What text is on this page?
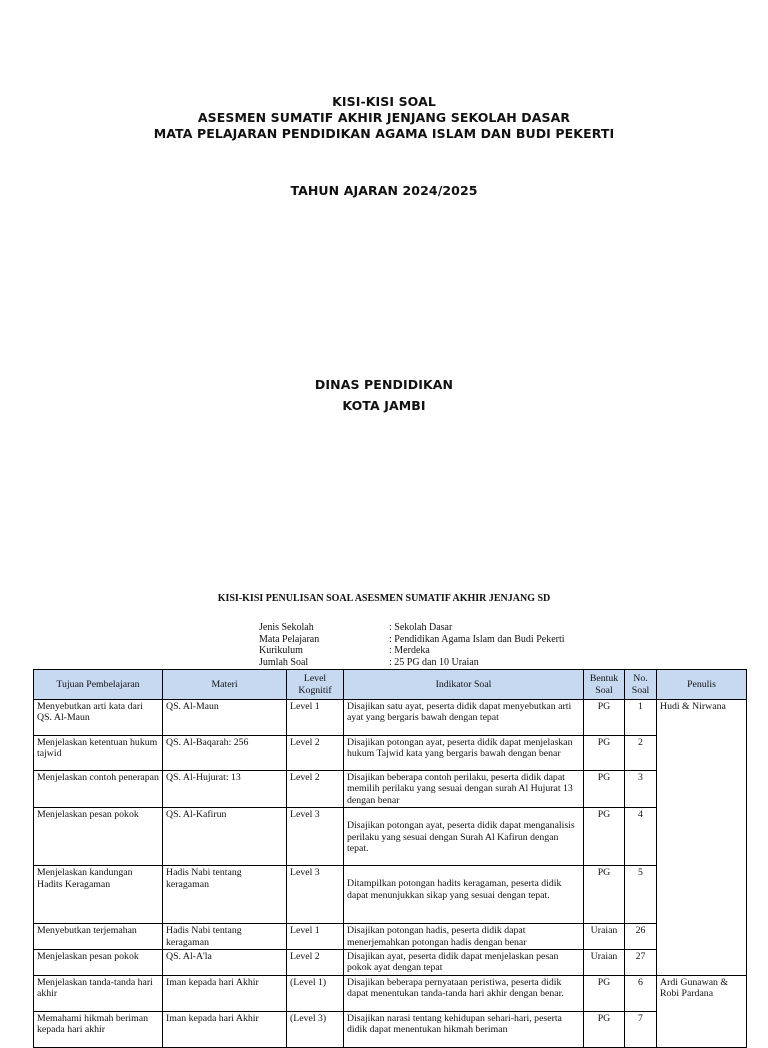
KISI-KISI SOAL
ASESMEN SUMATIF AKHIR JENJANG SEKOLAH DASAR
MATA PELAJARAN PENDIDIKAN AGAMA ISLAM DAN BUDI PEKERTI
TAHUN AJARAN 2024/2025
DINAS PENDIDIKAN
KOTA JAMBI
KISI-KISI PENULISAN SOAL ASESMEN SUMATIF AKHIR JENJANG SD
Jenis Sekolah	: Sekolah Dasar
Mata Pelajaran	: Pendidikan Agama Islam dan Budi Pekerti
Kurikulum	: Merdeka
Jumlah Soal	: 25 PG dan 10 Uraian
Tujuan Pembelajaran	Materi	Level Kognitif	Indikator Soal	Bentuk Soal	No. Soal	Penulis
Menyebutkan arti kata dari QS. Al-Maun	QS. Al-Maun	Level 1	Disajikan satu ayat, peserta didik dapat menyebutkan arti ayat yang bergaris bawah dengan tepat	PG	1	Hudi & Nirwana
Menjelaskan ketentuan hukum tajwid	QS. Al-Baqarah: 256	Level 2	Disajikan potongan ayat, peserta didik dapat menjelaskan hukum Tajwid kata yang bergaris bawah dengan benar	PG	2	
Menjelaskan contoh penerapan	QS. Al-Hujurat: 13	Level 2	Disajikan beberapa contoh perilaku, peserta didik dapat memilih perilaku yang sesuai dengan surah Al Hujurat 13 dengan benar	PG	3	
Menjelaskan pesan pokok	QS. Al-Kafirun	Level 3	Disajikan potongan ayat, peserta didik dapat menganalisis perilaku yang sesuai dengan Surah Al Kafirun dengan tepat.	PG	4	
Menjelaskan kandungan Hadits Keragaman	Hadis Nabi tentang keragaman	Level 3	Ditampilkan potongan hadits keragaman, peserta didik dapat menunjukkan sikap yang sesuai dengan tepat.	PG	5	
Menyebutkan terjemahan	Hadis Nabi tentang keragaman	Level 1	Disajikan potongan hadis, peserta didik dapat menerjemahkan potongan hadis dengan benar	Uraian	26	
Menjelaskan pesan pokok	QS. Al-A'la	Level 2	Disajikan ayat, peserta didik dapat menjelaskan pesan pokok ayat dengan tepat	Uraian	27	
Menjelaskan tanda-tanda hari akhir	Iman kepada hari Akhir	(Level 1)	Disajikan beberapa pernyataan peristiwa, peserta didik dapat menentukan tanda-tanda hari akhir dengan benar.	PG	6	Ardi Gunawan & Robi Pardana
Memahami hikmah beriman kepada hari akhir	Iman kepada hari Akhir	(Level 3)	Disajikan narasi tentang kehidupan sehari-hari, peserta didik dapat menentukan hikmah beriman	PG	7	
